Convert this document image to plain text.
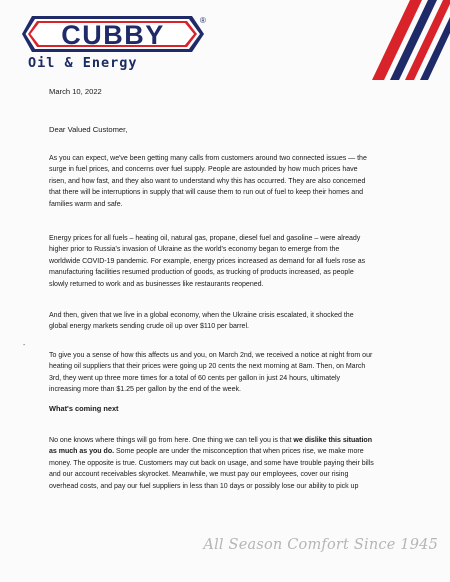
CUBBY	®
Oil & Energy
March 10, 2022
Dear Valued Customer,
As you can expect, we've been getting many calls from customers around two connected issues — the
surge in fuel prices, and concerns over fuel supply. People are astounded by how much prices have
risen, and how fast, and they also want to understand why this has occurred. They are also concerned
that there will be interruptions in supply that will cause them to run out of fuel to keep their homes and
families warm and safe.
Energy prices for all fuels – heating oil, natural gas, propane, diesel fuel and gasoline – were already
higher prior to Russia's invasion of Ukraine as the world's economy began to emerge from the
worldwide COVID-19 pandemic. For example, energy prices increased as demand for all fuels rose as
manufacturing facilities resumed production of goods, as trucking of products increased, as people
slowly returned to work and as businesses like restaurants reopened.
And then, given that we live in a global economy, when the Ukraine crisis escalated, it shocked the
global energy markets sending crude oil up over $110 per barrel.
-
To give you a sense of how this affects us and you, on March 2nd, we received a notice at night from our
heating oil suppliers that their prices were going up 20 cents the next morning at 8am. Then, on March
3rd, they went up three more times for a total of 60 cents per gallon in just 24 hours, ultimately
increasing more than $1.25 per gallon by the end of the week.
What's coming next
No one knows where things will go from here. One thing we can tell you is that we dislike this situation
as much as you do. Some people are under the misconception that when prices rise, we make more
money. The opposite is true. Customers may cut back on usage, and some have trouble paying their bills
and our account receivables skyrocket. Meanwhile, we must pay our employees, cover our rising
overhead costs, and pay our fuel suppliers in less than 10 days or possibly lose our ability to pick up
All Season Comfort Since 1945
